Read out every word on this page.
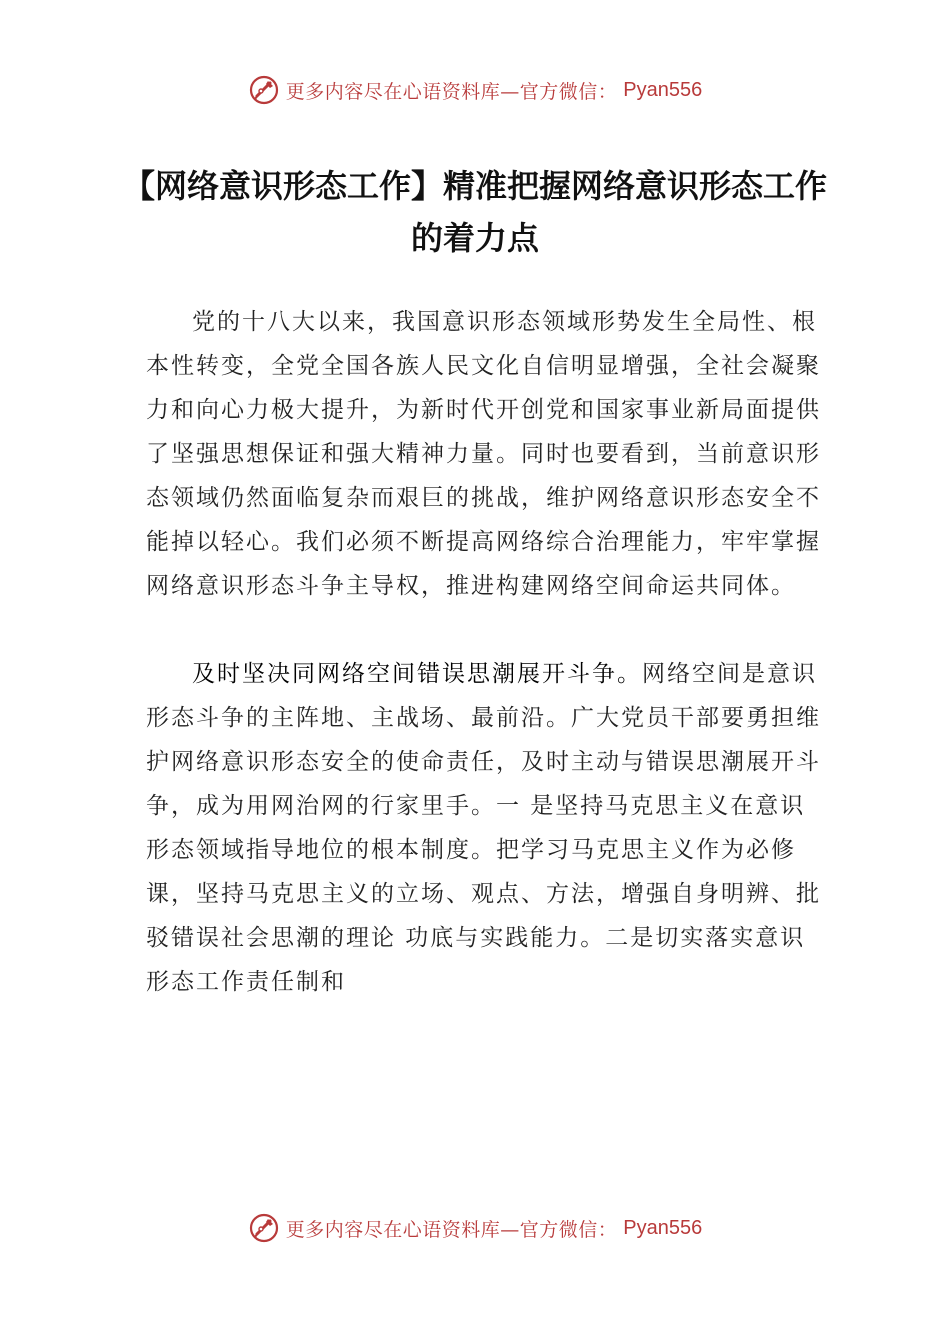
更多内容尽在心语资料库—官方微信： Pyan556
【网络意识形态工作】精准把握网络意识形态工作的着力点

党的十八大以来，我国意识形态领域形势发生全局性、根本性转变，全党全国各族人民文化自信明显增强，全社会凝聚力和向心力极大提升，为新时代开创党和国家事业新局面提供了坚强思想保证和强大精神力量。同时也要看到，当前意识形态领域仍然面临复杂而艰巨的挑战，维护网络意识形态安全不能掉以轻心。我们必须不断提高网络综合治理能力，牢牢掌握网络意识形态斗争主导权，推进构建网络空间命运共同体。

及时坚决同网络空间错误思潮展开斗争。网络空间是意识形态斗争的主阵地、主战场、最前沿。广大党员干部要勇担维护网络意识形态安全的使命责任，及时主动与错误思潮展开斗争，成为用网治网的行家里手。一 是坚持马克思主义在意识形态领域指导地位的根本制度。把学习马克思主义作为必修课，坚持马克思主义的立场、观点、方法，增强自身明辨、批驳错误社会思潮的理论 功底与实践能力。二是切实落实意识形态工作责任制和

更多内容尽在心语资料库—官方微信： Pyan556
